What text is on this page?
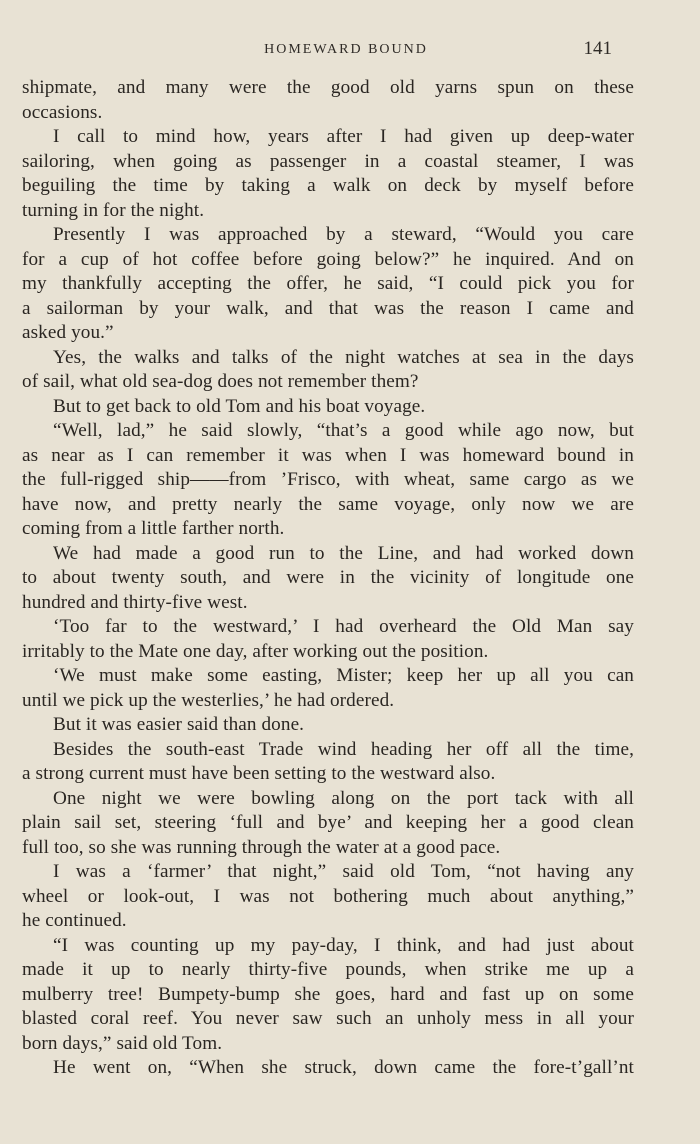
HOMEWARD BOUND	141

shipmate, and many were the good old yarns spun on these

occasions.

I call to mind how, years after I had given up deep-water

sailoring, when going as passenger in a coastal steamer, I was

beguiling the time by taking a walk on deck by myself before

turning in for the night.

Presently I was approached by a steward, “Would you care

for a cup of hot coffee before going below?” he inquired. And on

my thankfully accepting the offer, he said, “I could pick you for

a sailorman by your walk, and that was the reason I came and

asked you.”

Yes, the walks and talks of the night watches at sea in the days

of sail, what old sea-dog does not remember them?

But to get back to old Tom and his boat voyage.

“Well, lad,” he said slowly, “that’s a good while ago now, but

as near as I can remember it was when I was homeward bound in

the full-rigged ship——from ’Frisco, with wheat, same cargo as we

have now, and pretty nearly the same voyage, only now we are

coming from a little farther north.

We had made a good run to the Line, and had worked down

to about twenty south, and were in the vicinity of longitude one

hundred and thirty-five west.

‘Too far to the westward,’ I had overheard the Old Man say

irritably to the Mate one day, after working out the position.

‘We must make some easting, Mister; keep her up all you can

until we pick up the westerlies,’ he had ordered.

But it was easier said than done.

Besides the south-east Trade wind heading her off all the time,

a strong current must have been setting to the westward also.

One night we were bowling along on the port tack with all

plain sail set, steering ‘full and bye’ and keeping her a good clean

full too, so she was running through the water at a good pace.

I was a ‘farmer’ that night,” said old Tom, “not having any

wheel or look-out, I was not bothering much about anything,”

he continued.

“I was counting up my pay-day, I think, and had just about

made it up to nearly thirty-five pounds, when strike me up a

mulberry tree! Bumpety-bump she goes, hard and fast up on some

blasted coral reef. You never saw such an unholy mess in all your

born days,” said old Tom.

He went on, “When she struck, down came the fore-t’gall’nt
